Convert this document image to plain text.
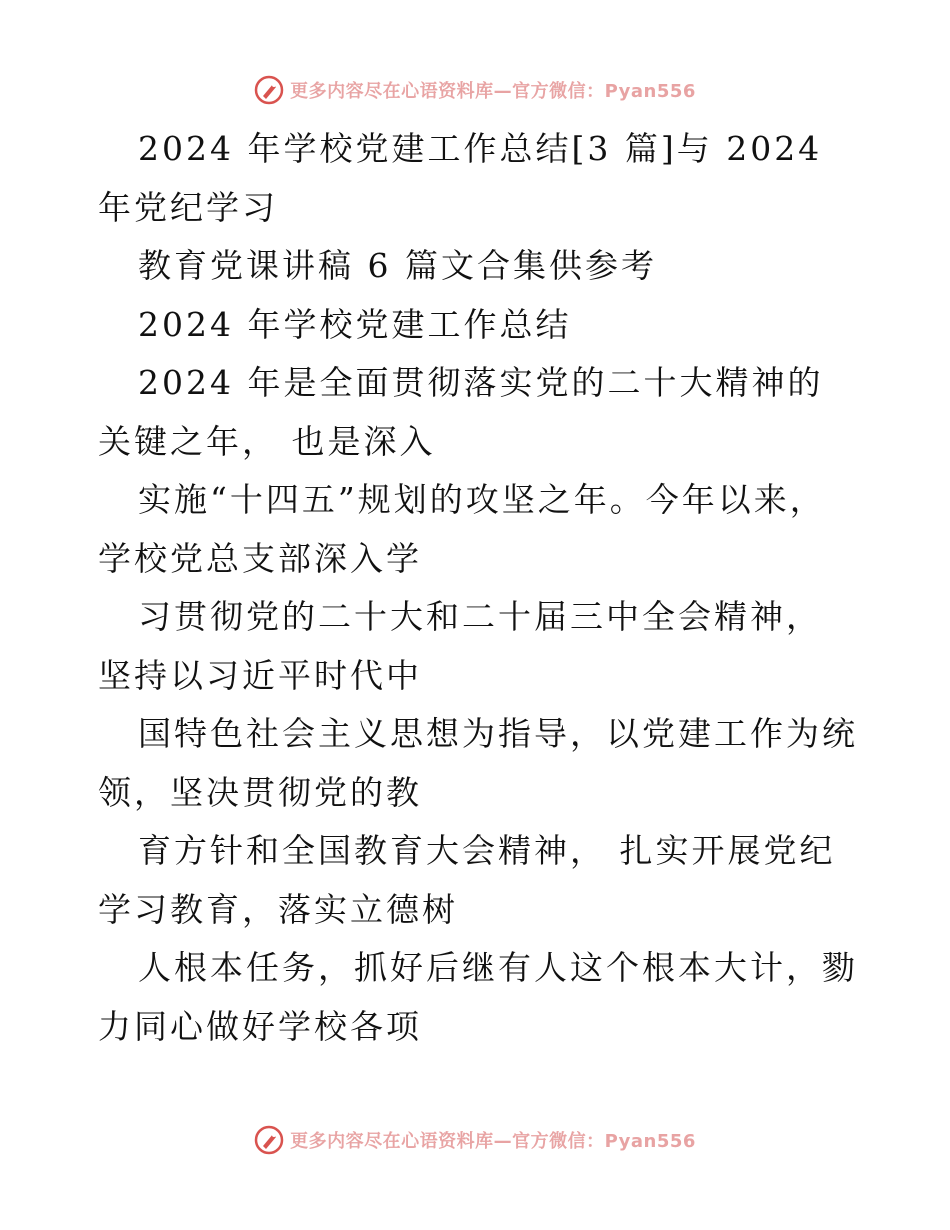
更多内容尽在心语资料库—官方微信：Pyan556

2024 年学校党建工作总结[3 篇]与 2024 年党纪学习

教育党课讲稿 6 篇文合集供参考

2024 年学校党建工作总结

2024 年是全面贯彻落实党的二十大精神的关键之年， 也是深入

实施“十四五”规划的攻坚之年。今年以来，学校党总支部深入学

习贯彻党的二十大和二十届三中全会精神， 坚持以习近平时代中

国特色社会主义思想为指导，以党建工作为统领，坚决贯彻党的教

育方针和全国教育大会精神， 扎实开展党纪学习教育，落实立德树

人根本任务，抓好后继有人这个根本大计，勠力同心做好学校各项

更多内容尽在心语资料库—官方微信：Pyan556
